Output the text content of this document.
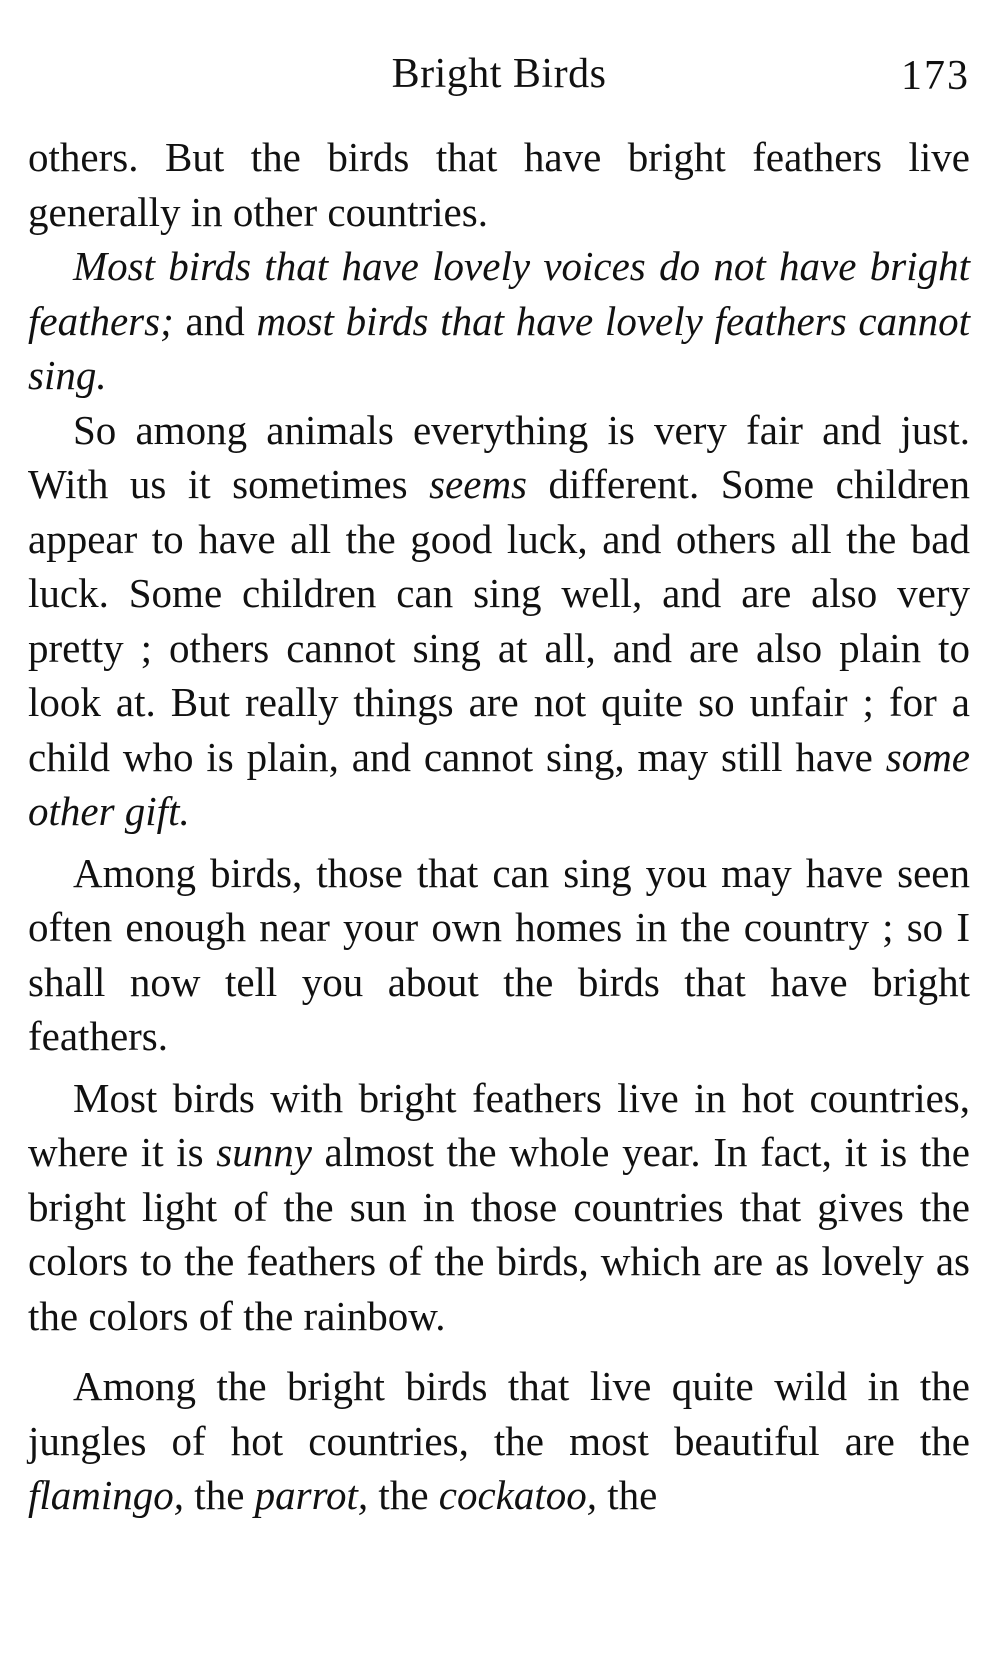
Bright Birds	173

others. But the birds that have bright feathers live generally in other countries.

Most birds that have lovely voices do not have bright feathers; and most birds that have lovely feathers cannot sing.

So among animals everything is very fair and just. With us it sometimes seems different. Some children appear to have all the good luck, and others all the bad luck. Some children can sing well, and are also very pretty ; others cannot sing at all, and are also plain to look at. But really things are not quite so unfair ; for a child who is plain, and cannot sing, may still have some other gift.

Among birds, those that can sing you may have seen often enough near your own homes in the country ; so I shall now tell you about the birds that have bright feathers.

Most birds with bright feathers live in hot countries, where it is sunny almost the whole year. In fact, it is the bright light of the sun in those countries that gives the colors to the feathers of the birds, which are as lovely as the colors of the rainbow.

Among the bright birds that live quite wild in the jungles of hot countries, the most beautiful are the flamingo, the parrot, the cockatoo, the
